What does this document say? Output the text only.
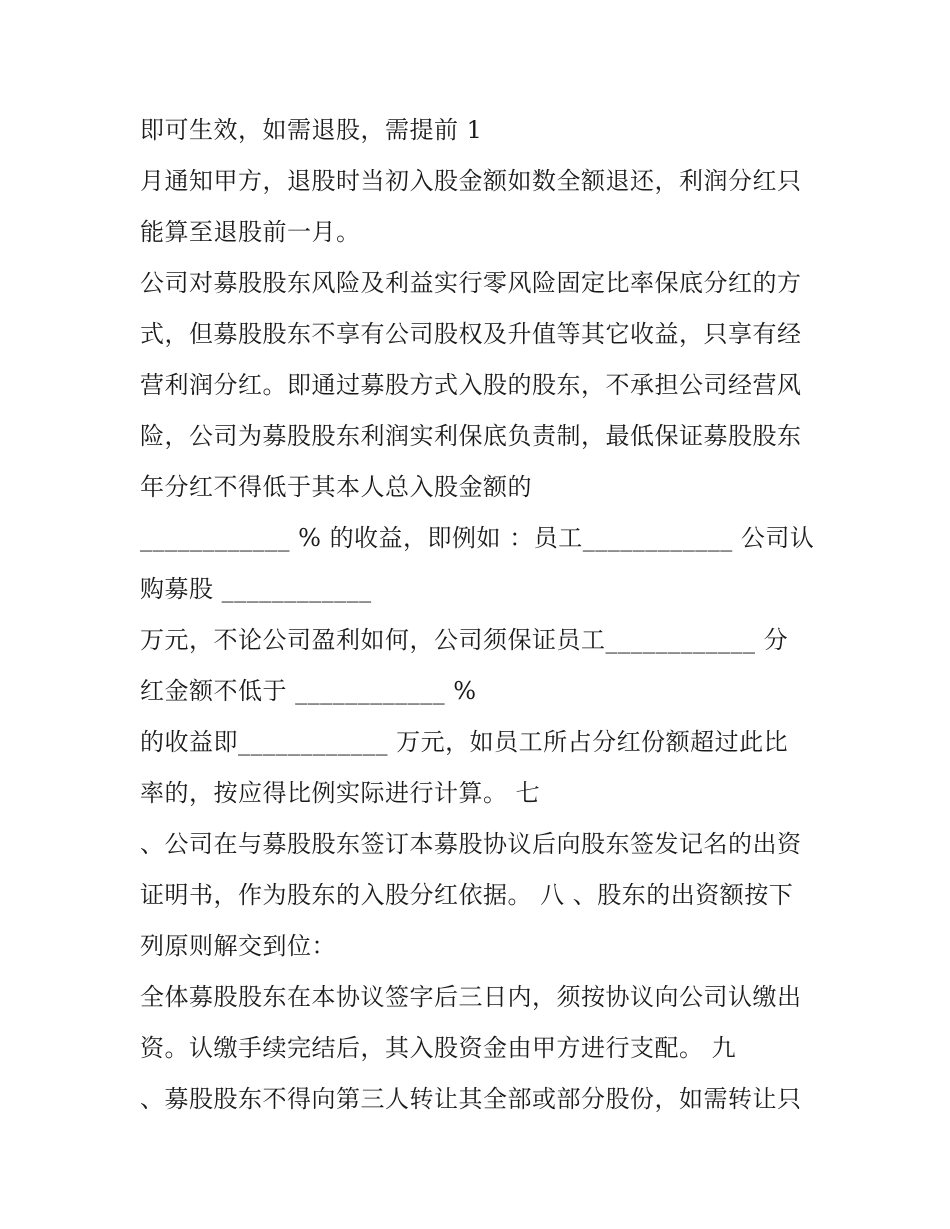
即可生效，如需退股，需提前 1
月通知甲方，退股时当初入股金额如数全额退还，利润分红只
能算至退股前一月。
公司对募股股东风险及利益实行零风险固定比率保底分红的方
式，但募股股东不享有公司股权及升值等其它收益，只享有经
营利润分红。即通过募股方式入股的股东，不承担公司经营风
险，公司为募股股东利润实利保底负责制，最低保证募股股东
年分红不得低于其本人总入股金额的
____________ % 的收益，即例如 ：员工____________ 公司认
购募股 ____________
万元，不论公司盈利如何，公司须保证员工____________ 分
红金额不低于 ____________ %
的收益即____________ 万元，如员工所占分红份额超过此比
率的，按应得比例实际进行计算。 七
、公司在与募股股东签订本募股协议后向股东签发记名的出资
证明书，作为股东的入股分红依据。 八 、股东的出资额按下
列原则解交到位：
全体募股股东在本协议签字后三日内，须按协议向公司认缴出
资。认缴手续完结后，其入股资金由甲方进行支配。 九
、募股股东不得向第三人转让其全部或部分股份，如需转让只
